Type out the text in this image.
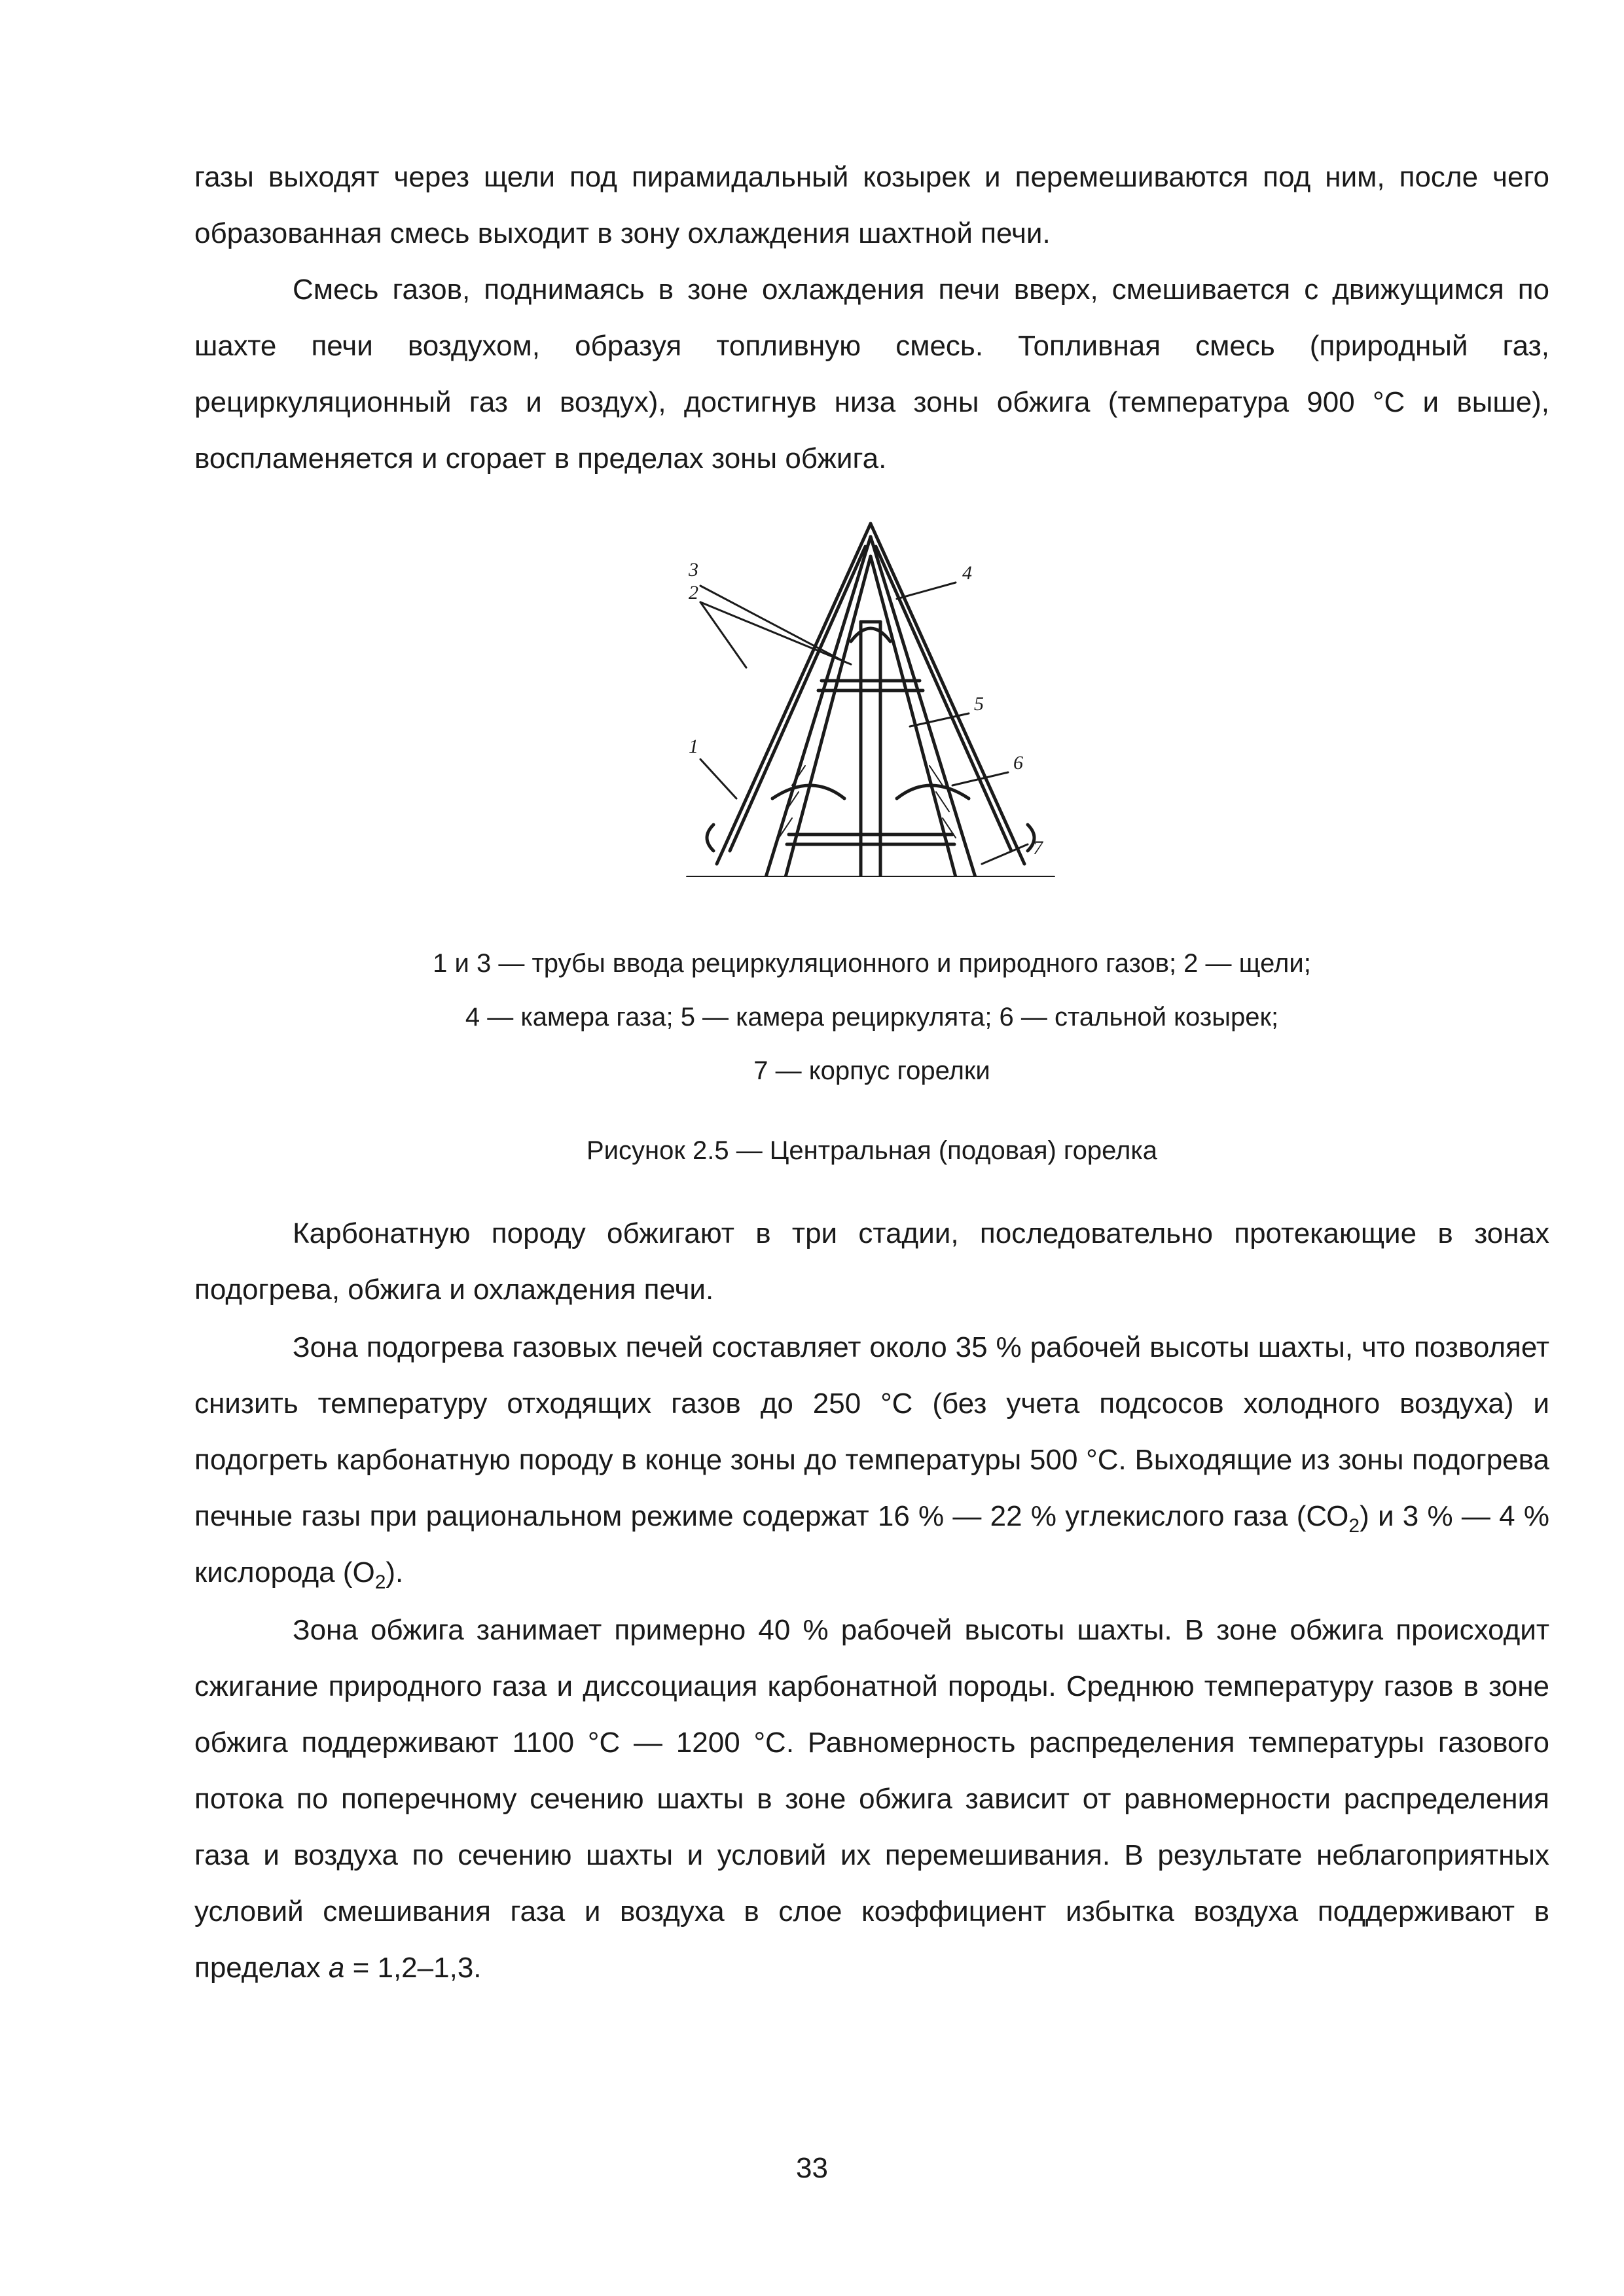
газы выходят через щели под пирамидальный козырек и перемешиваются под ним, после чего образованная смесь выходит в зону охлаждения шахтной печи.

Смесь газов, поднимаясь в зоне охлаждения печи вверх, смешивается с движущимся по шахте печи воздухом, образуя топливную смесь. Топливная смесь (природный газ, рециркуляционный газ и воздух), достигнув низа зоны обжига (температура 900 °С и выше), воспламеняется и сгорает в пределах зоны обжига.

1
2
3	4
5
6
7

1 и 3 — трубы ввода рециркуляционного и природного газов; 2 — щели;

4 — камера газа; 5 — камера рециркулята; 6 — стальной козырек;

7 — корпус горелки

Рисунок 2.5 — Центральная (подовая) горелка

Карбонатную породу обжигают в три стадии, последовательно протекающие в зонах подогрева, обжига и охлаждения печи.

Зона подогрева газовых печей составляет около 35 % рабочей высоты шахты, что позволяет снизить температуру отходящих газов до 250 °С (без учета подсосов холодного воздуха) и подогреть карбонатную породу в конце зоны до температуры 500 °С. Выходящие из зоны подогрева печные газы при рациональном режиме содержат 16 % — 22 % углекислого газа $(СО_2)$ и 3 % — 4 % кислорода $(О_2)$.

Зона обжига занимает примерно 40 % рабочей высоты шахты. В зоне обжига происходит сжигание природного газа и диссоциация карбонатной породы. Среднюю температуру газов в зоне обжига поддерживают 1100 °С — 1200 °С. Равномерность распределения температуры газового потока по поперечному сечению шахты в зоне обжига зависит от равномерности распределения газа и воздуха по сечению шахты и условий их перемешивания. В результате неблагоприятных условий смешивания газа и воздуха в слое коэффициент избытка воздуха поддерживают в пределах a = 1,2–1,3.

33
